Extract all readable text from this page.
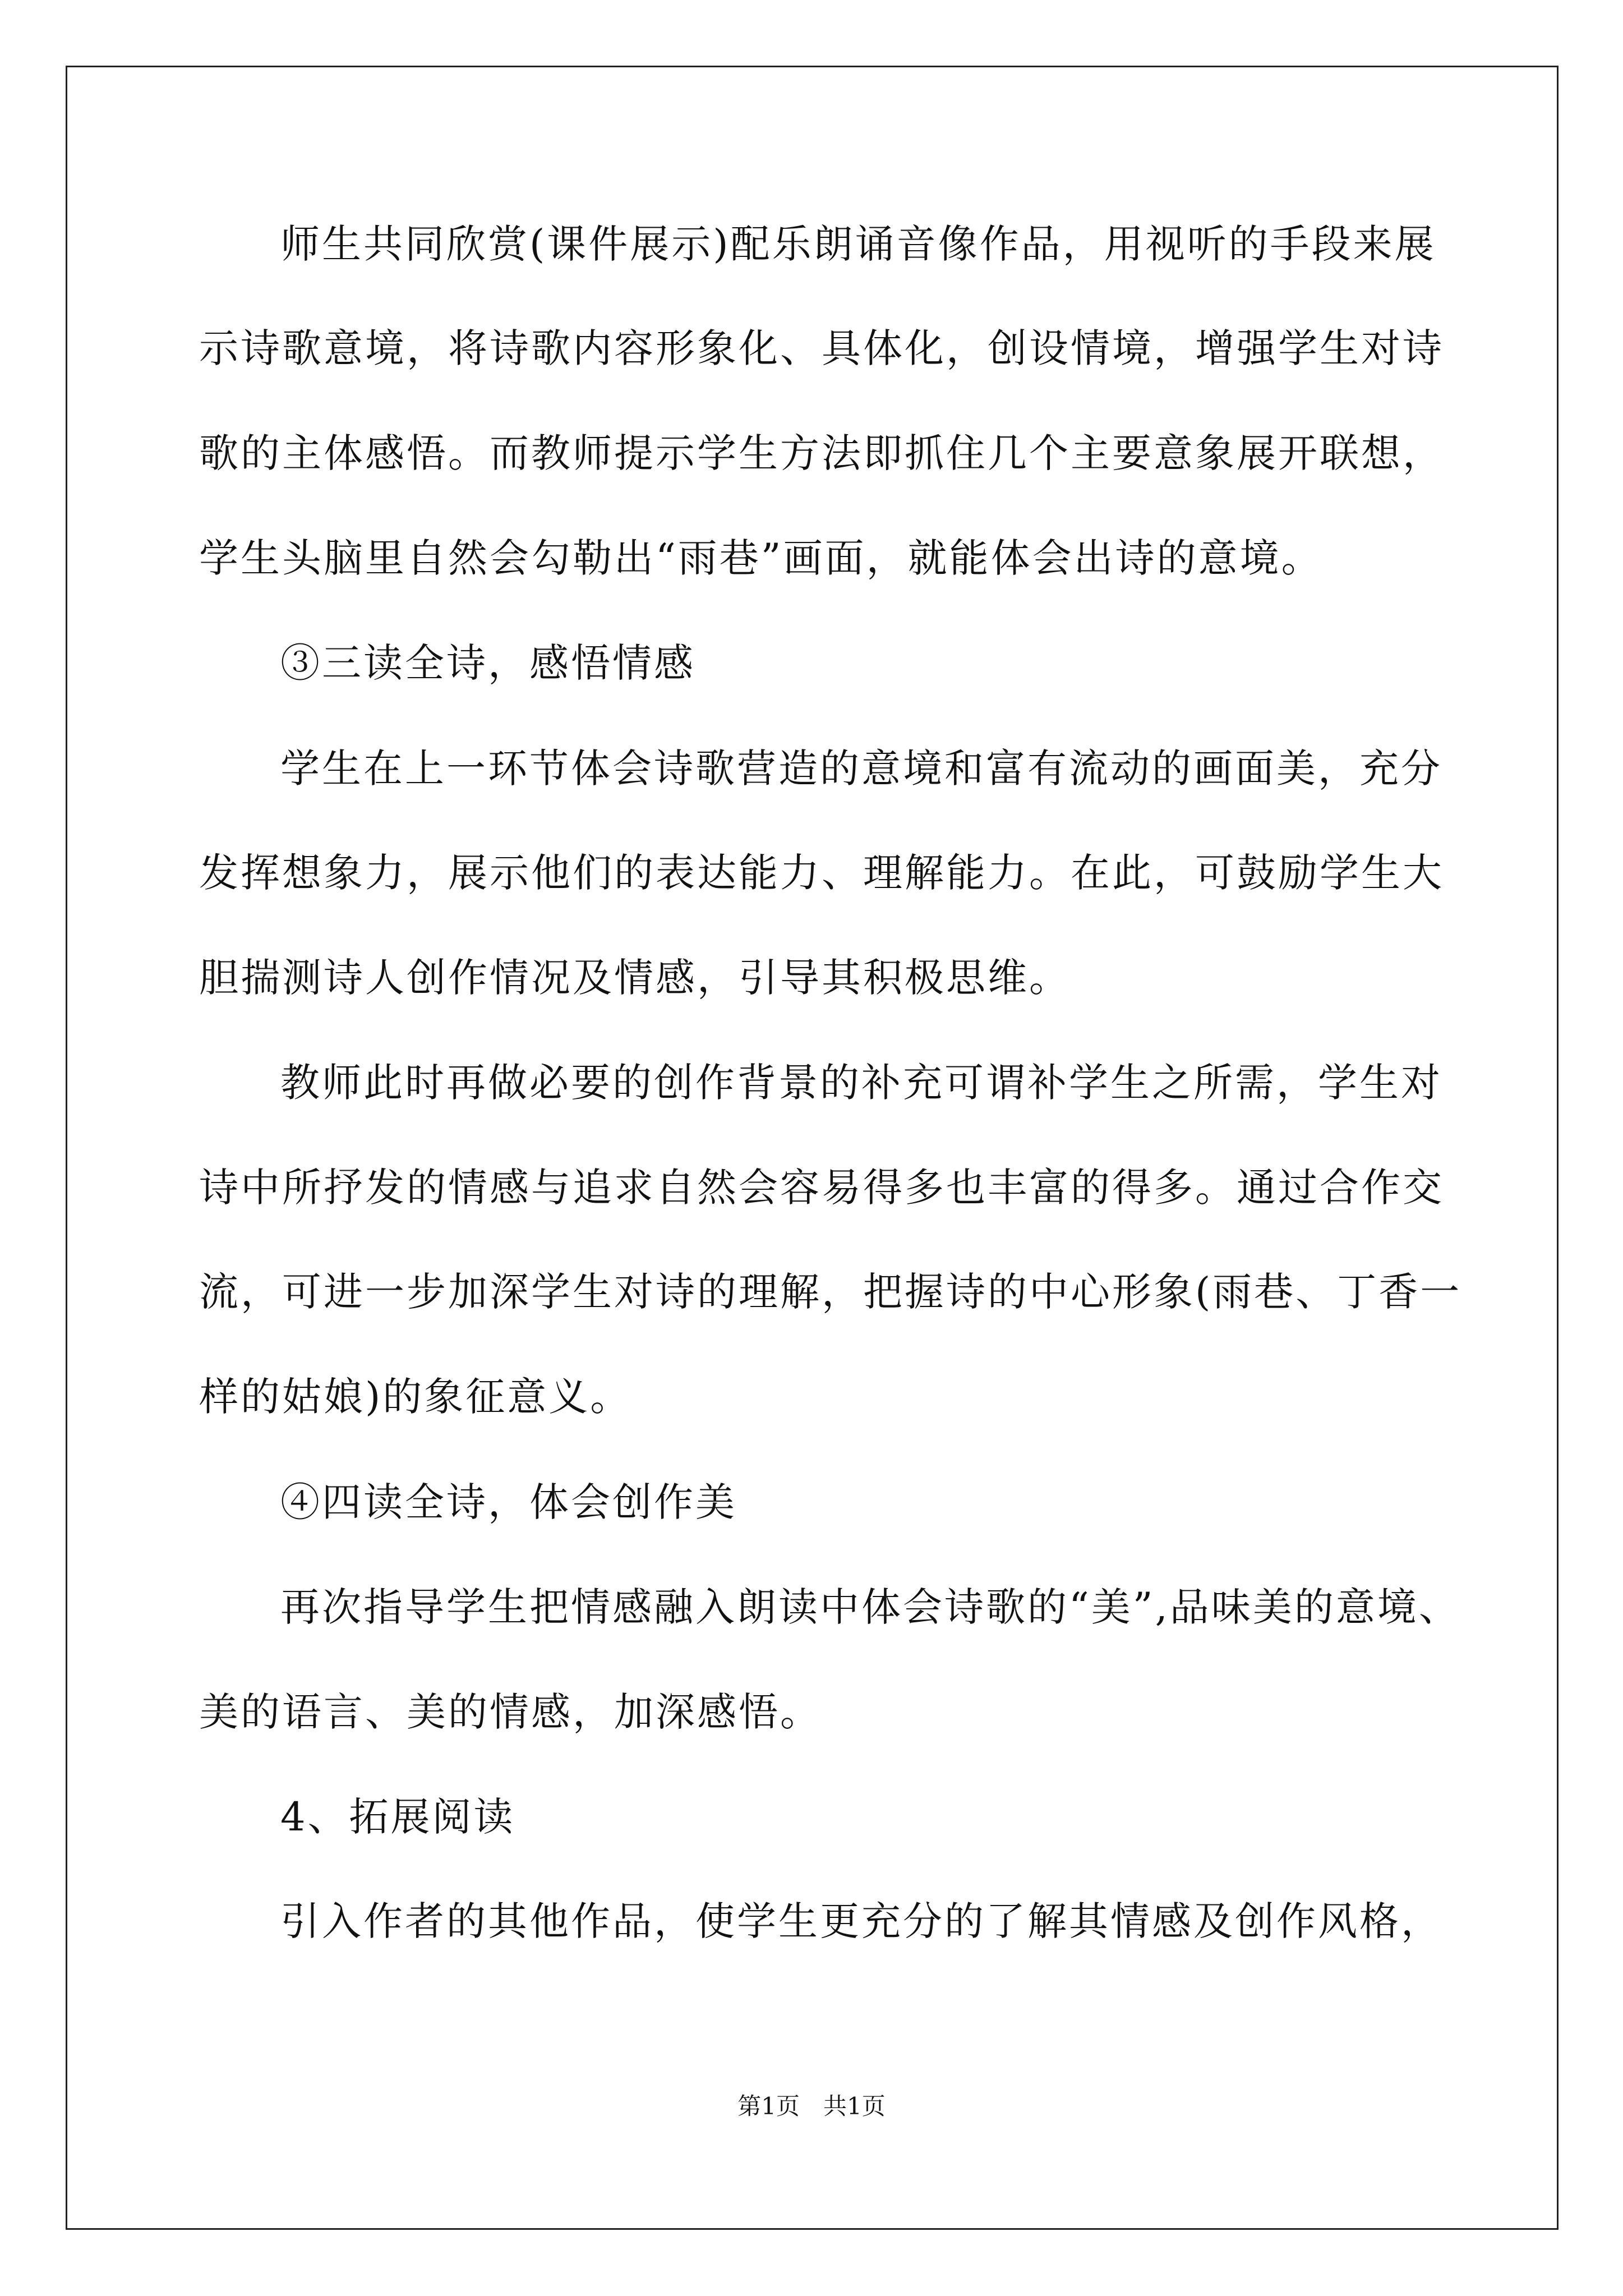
师生共同欣赏(课件展示)配乐朗诵音像作品，用视听的手段来展
示诗歌意境，将诗歌内容形象化、具体化，创设情境，增强学生对诗
歌的主体感悟。而教师提示学生方法即抓住几个主要意象展开联想，
学生头脑里自然会勾勒出“雨巷”画面，就能体会出诗的意境。
③三读全诗，感悟情感
学生在上一环节体会诗歌营造的意境和富有流动的画面美，充分
发挥想象力，展示他们的表达能力、理解能力。在此，可鼓励学生大
胆揣测诗人创作情况及情感，引导其积极思维。
教师此时再做必要的创作背景的补充可谓补学生之所需，学生对
诗中所抒发的情感与追求自然会容易得多也丰富的得多。通过合作交
流，可进一步加深学生对诗的理解，把握诗的中心形象(雨巷、丁香一
样的姑娘)的象征意义。
④四读全诗，体会创作美
再次指导学生把情感融入朗读中体会诗歌的“美”,品味美的意境、
美的语言、美的情感，加深感悟。
4、拓展阅读
引入作者的其他作品，使学生更充分的了解其情感及创作风格，
第1页　共1页
